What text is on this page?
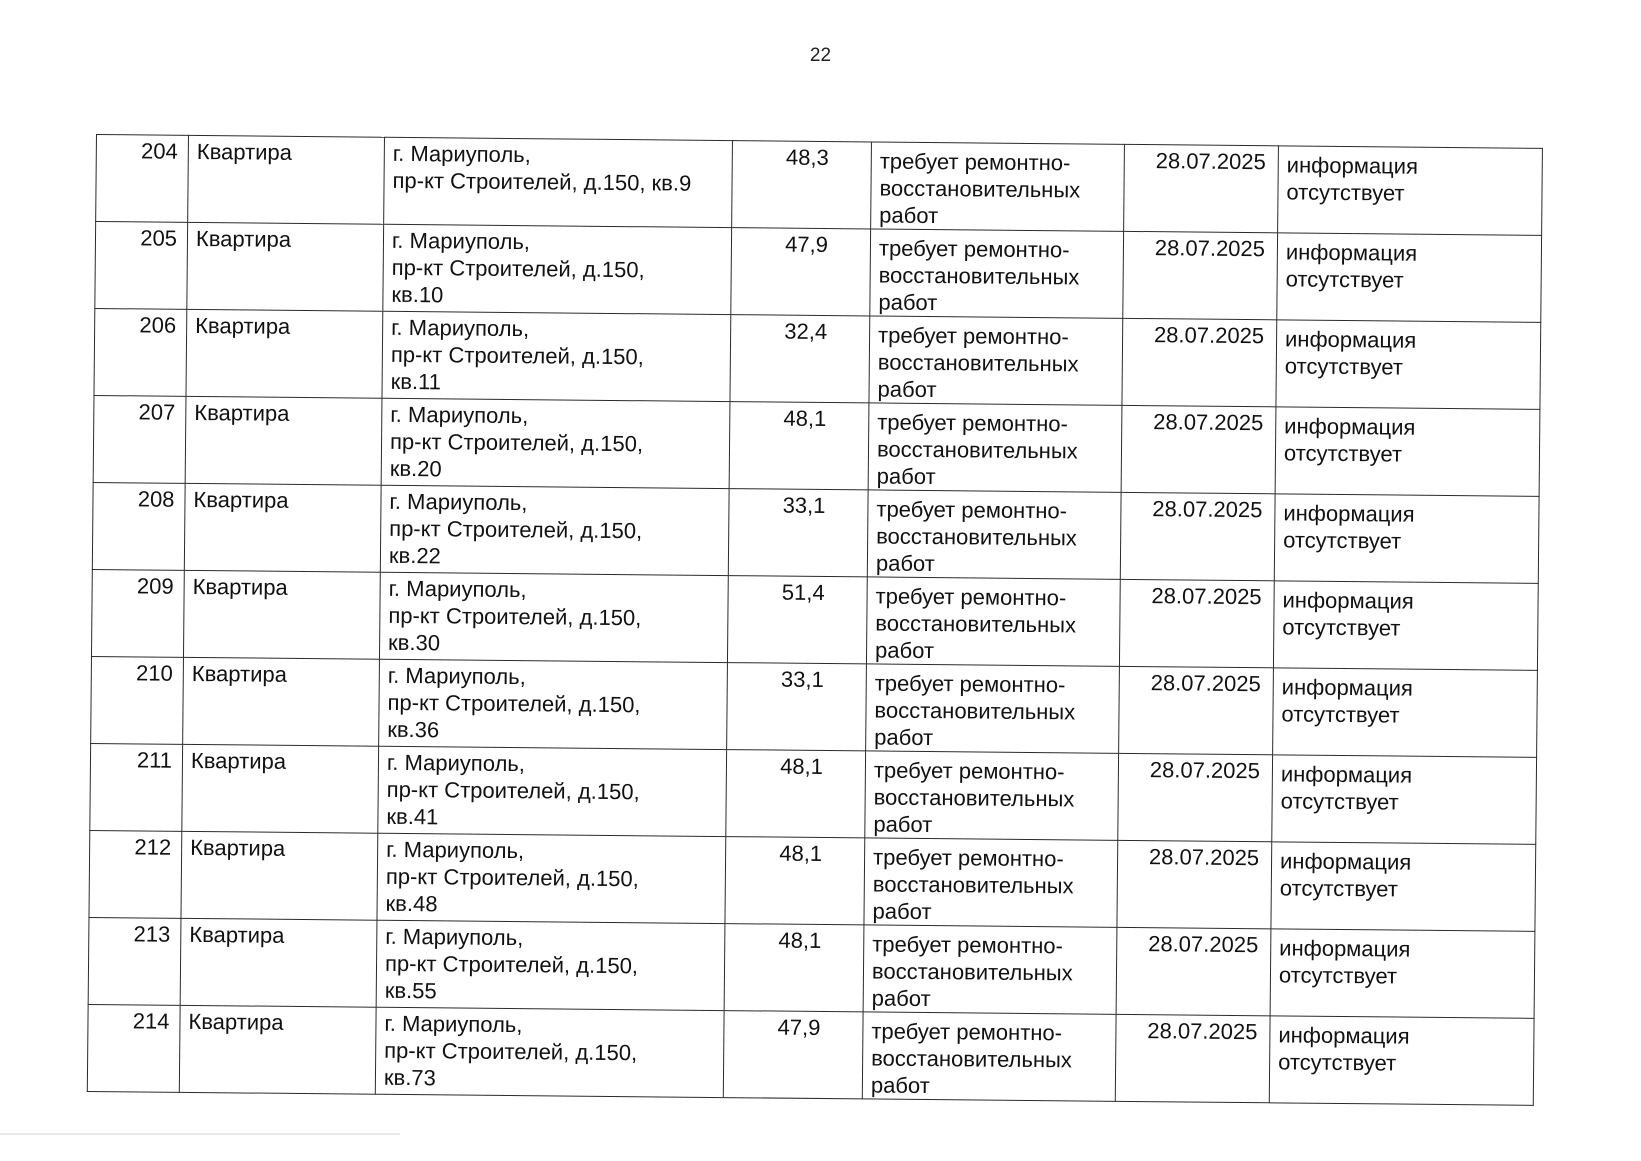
22
204	Квартира	г. Мариуполь,
пр-кт Строителей, д.150, кв.9	48,3	требует ремонтно-
восстановительных
работ	28.07.2025	информация
отсутствует

205	Квартира	г. Мариуполь,
пр-кт Строителей, д.150,
кв.10	47,9	требует ремонтно-
восстановительных
работ	28.07.2025	информация
отсутствует

206	Квартира	г. Мариуполь,
пр-кт Строителей, д.150,
кв.11	32,4	требует ремонтно-
восстановительных
работ	28.07.2025	информация
отсутствует

207	Квартира	г. Мариуполь,
пр-кт Строителей, д.150,
кв.20	48,1	требует ремонтно-
восстановительных
работ	28.07.2025	информация
отсутствует

208	Квартира	г. Мариуполь,
пр-кт Строителей, д.150,
кв.22	33,1	требует ремонтно-
восстановительных
работ	28.07.2025	информация
отсутствует

209	Квартира	г. Мариуполь,
пр-кт Строителей, д.150,
кв.30	51,4	требует ремонтно-
восстановительных
работ	28.07.2025	информация
отсутствует

210	Квартира	г. Мариуполь,
пр-кт Строителей, д.150,
кв.36	33,1	требует ремонтно-
восстановительных
работ	28.07.2025	информация
отсутствует

211	Квартира	г. Мариуполь,
пр-кт Строителей, д.150,
кв.41	48,1	требует ремонтно-
восстановительных
работ	28.07.2025	информация
отсутствует

212	Квартира	г. Мариуполь,
пр-кт Строителей, д.150,
кв.48	48,1	требует ремонтно-
восстановительных
работ	28.07.2025	информация
отсутствует

213	Квартира	г. Мариуполь,
пр-кт Строителей, д.150,
кв.55	48,1	требует ремонтно-
восстановительных
работ	28.07.2025	информация
отсутствует

214	Квартира	г. Мариуполь,
пр-кт Строителей, д.150,
кв.73	47,9	требует ремонтно-
восстановительных
работ	28.07.2025	информация
отсутствует
